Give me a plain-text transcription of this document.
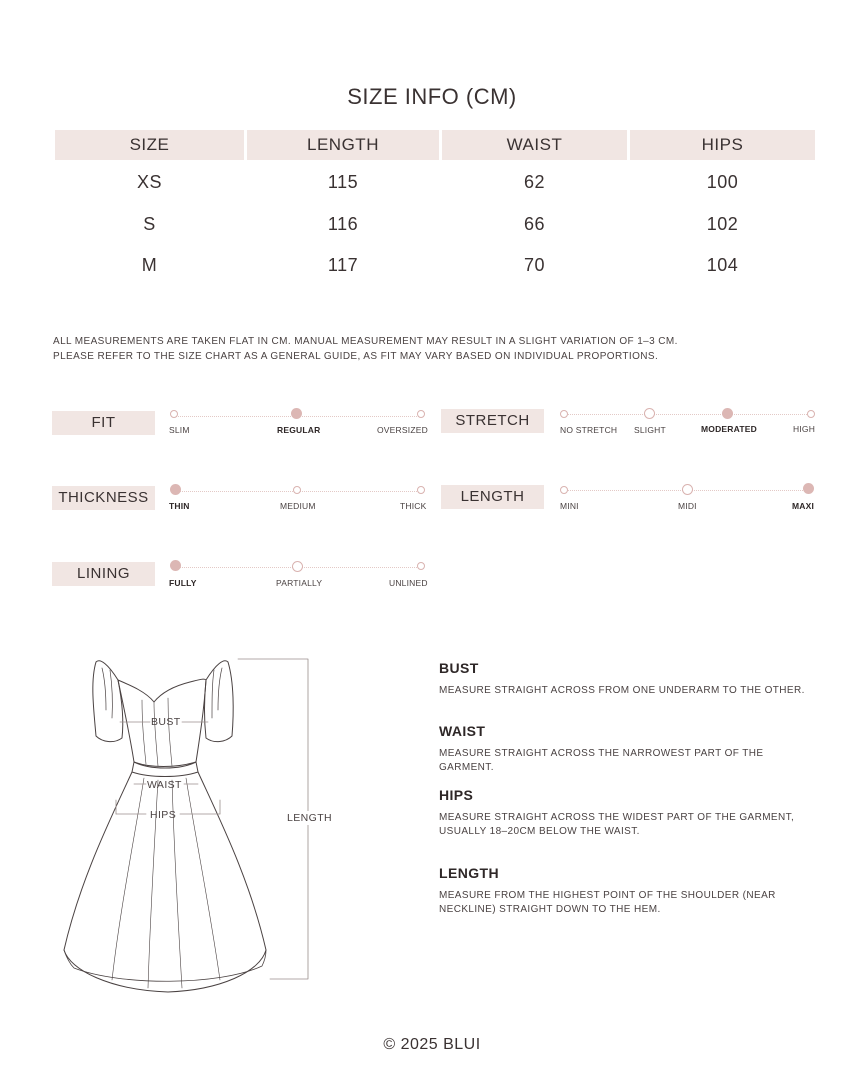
SIZE INFO (CM)
SIZE	LENGTH	WAIST	HIPS
XS	115	62	100
S	116	66	102
M	117	70	104
ALL MEASUREMENTS ARE TAKEN FLAT IN CM. MANUAL MEASUREMENT MAY RESULT IN A SLIGHT VARIATION OF 1–3 CM.
PLEASE REFER TO THE SIZE CHART AS A GENERAL GUIDE, AS FIT MAY VARY BASED ON INDIVIDUAL PROPORTIONS.
FIT	SLIM	REGULAR	OVERSIZED
STRETCH
NO STRETCH SLIGHT	MODERATED	HIGH
THICKNESS	THIN	MEDIUM	THICK
LENGTH
MINI	MIDI	MAXI
LINING
FULLY	PARTIALLY	UNLINED
BUST
WAIST
HIPS	LENGTH
BUST

MEASURE STRAIGHT ACROSS FROM ONE UNDERARM TO THE OTHER.

WAIST

MEASURE STRAIGHT ACROSS THE NARROWEST PART OF THE GARMENT.

HIPS

MEASURE STRAIGHT ACROSS THE WIDEST PART OF THE GARMENT, USUALLY 18–20CM BELOW THE WAIST.

LENGTH

MEASURE FROM THE HIGHEST POINT OF THE SHOULDER (NEAR NECKLINE) STRAIGHT DOWN TO THE HEM.

© 2025 BLUI
